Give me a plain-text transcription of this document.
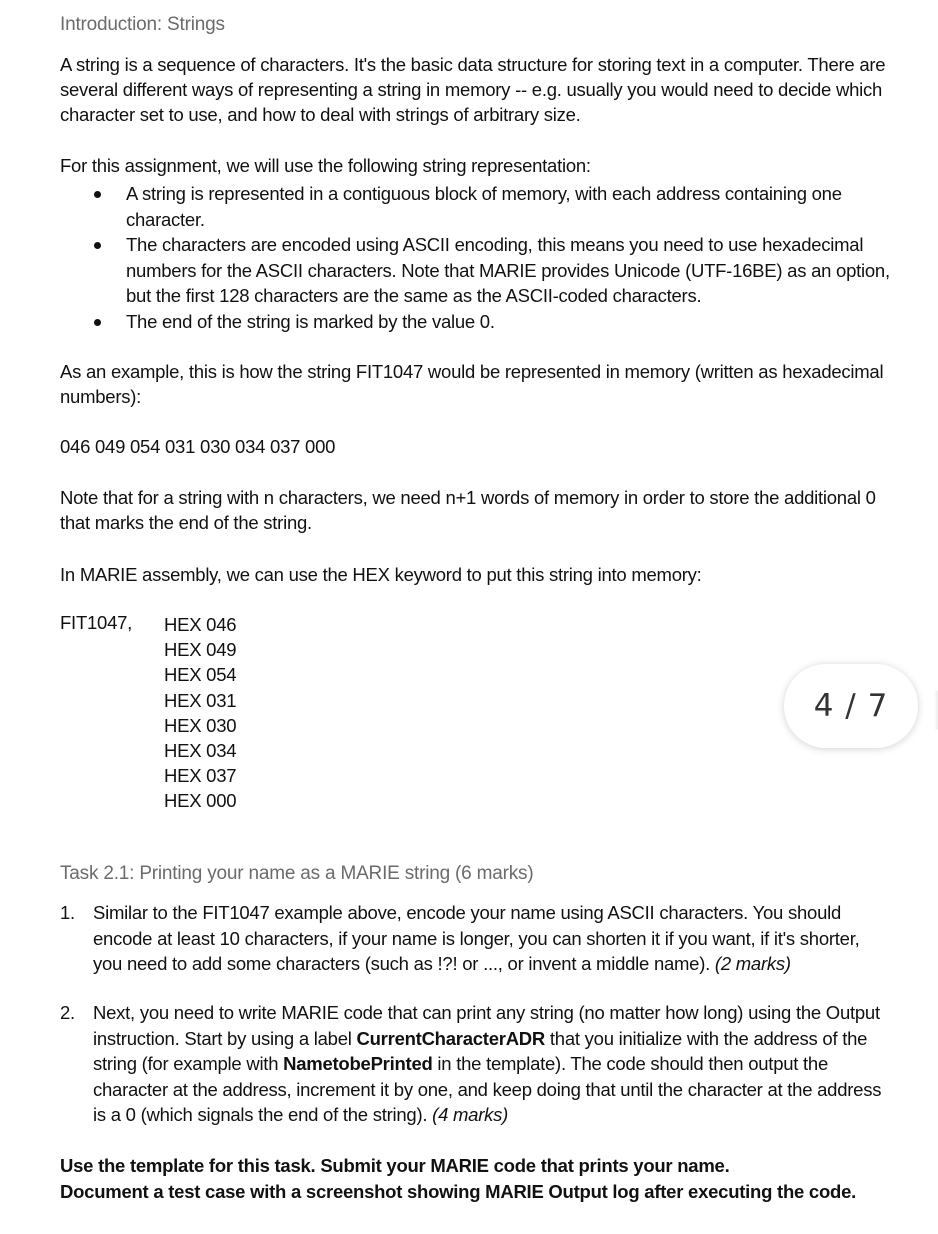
Introduction: Strings
A string is a sequence of characters. It's the basic data structure for storing text in a computer. There are several different ways of representing a string in memory -- e.g. usually you would need to decide which character set to use, and how to deal with strings of arbitrary size.
For this assignment, we will use the following string representation:
A string is represented in a contiguous block of memory, with each address containing one character.
The characters are encoded using ASCII encoding, this means you need to use hexadecimal numbers for the ASCII characters. Note that MARIE provides Unicode (UTF-16BE) as an option, but the first 128 characters are the same as the ASCII-coded characters.
The end of the string is marked by the value 0.
As an example, this is how the string FIT1047 would be represented in memory (written as hexadecimal numbers):
046 049 054 031 030 034 037 000
Note that for a string with n characters, we need n+1 words of memory in order to store the additional 0 that marks the end of the string.
In MARIE assembly, we can use the HEX keyword to put this string into memory:
FIT1047, HEX 046
HEX 049
HEX 054
HEX 031
HEX 030
HEX 034
HEX 037
HEX 000
Task 2.1: Printing your name as a MARIE string (6 marks)
1. Similar to the FIT1047 example above, encode your name using ASCII characters. You should encode at least 10 characters, if your name is longer, you can shorten it if you want, if it's shorter, you need to add some characters (such as !?! or ..., or invent a middle name). (2 marks)
2. Next, you need to write MARIE code that can print any string (no matter how long) using the Output instruction. Start by using a label CurrentCharacterADR that you initialize with the address of the string (for example with NametobePrinted in the template). The code should then output the character at the address, increment it by one, and keep doing that until the character at the address is a 0 (which signals the end of the string). (4 marks)
Use the template for this task. Submit your MARIE code that prints your name.
Document a test case with a screenshot showing MARIE Output log after executing the code.
4 / 7
